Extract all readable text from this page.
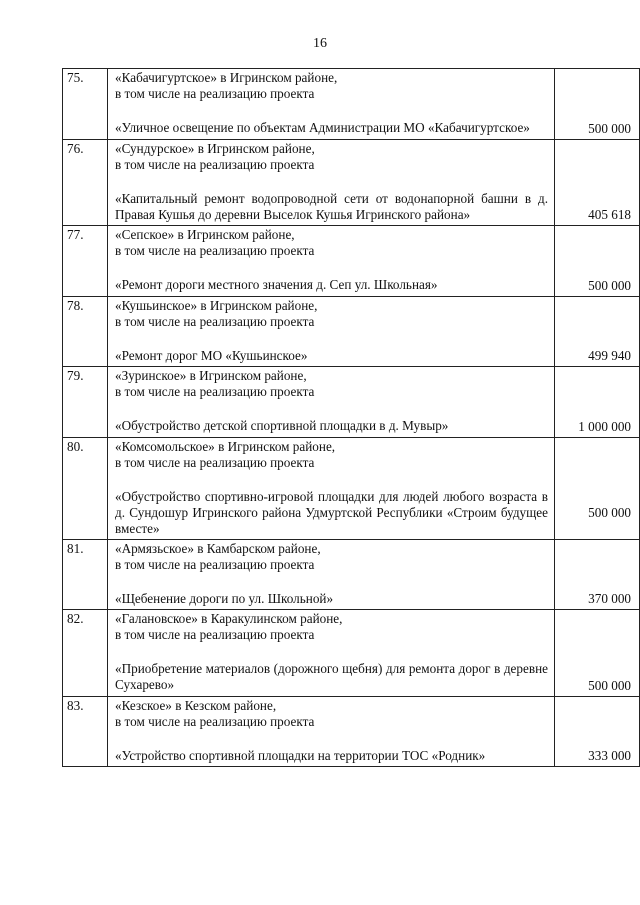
16
75.	«Кабачигуртское» в Игринском районе,
в том числе на реализацию проекта
«Уличное освещение по объектам Администрации МО «Кабачигуртское»	500 000

76.	«Сундурское» в Игринском районе,
в том числе на реализацию проекта
«Капитальный ремонт водопроводной сети от водонапорной башни в д. Правая Кушья до деревни Выселок Кушья Игринского района»	405 618

77.	«Сепское» в Игринском районе,
в том числе на реализацию проекта
«Ремонт дороги местного значения д. Сеп ул. Школьная»	500 000

78.	«Кушьинское» в Игринском районе,
в том числе на реализацию проекта
«Ремонт дорог МО «Кушьинское»	499 940

79.	«Зуринское» в Игринском районе,
в том числе на реализацию проекта
«Обустройство детской спортивной площадки в д. Мувыр»	1 000 000

80.	«Комсомольское» в Игринском районе,
в том числе на реализацию проекта
«Обустройство спортивно-игровой площадки для людей любого возраста в д. Сундошур Игринского района Удмуртской Республики «Строим будущее вместе»	500 000

81.	«Армязьское» в Камбарском районе,
в том числе на реализацию проекта
«Щебенение дороги по ул. Школьной»	370 000

82.	«Галановское» в Каракулинском районе,
в том числе на реализацию проекта
«Приобретение материалов (дорожного щебня) для ремонта дорог в деревне Сухарево»	500 000

83.	«Кезское» в Кезском районе,
в том числе на реализацию проекта
«Устройство спортивной площадки на территории ТОС «Родник»	333 000
